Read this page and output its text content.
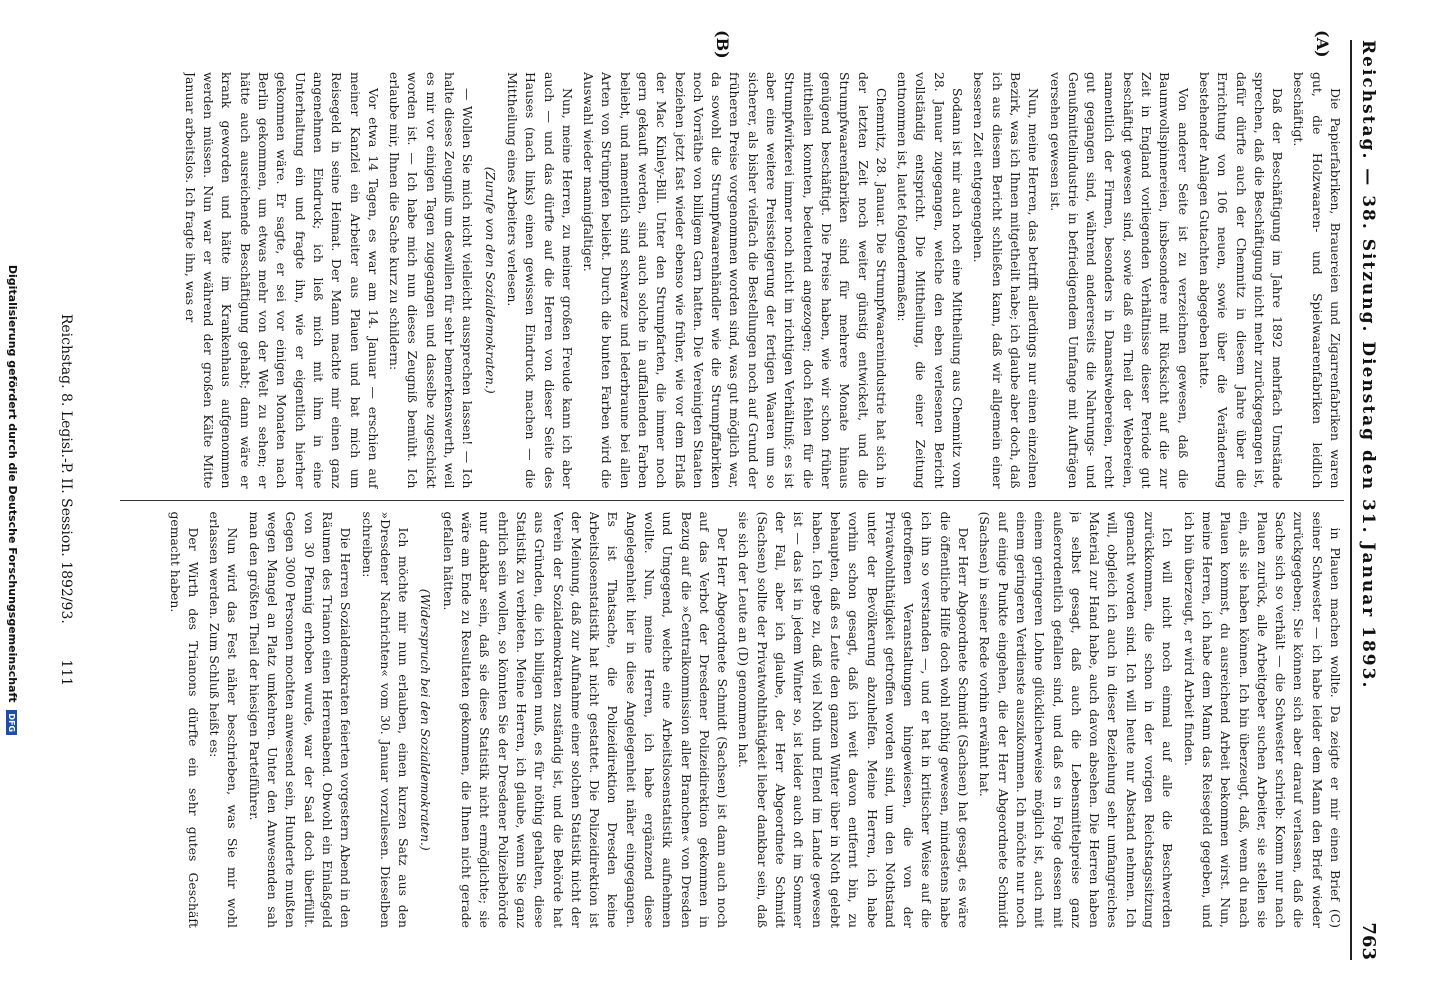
Reichstag. — 38. Sitzung. Dienstag den 31. Januar 1893.
763
(A)
(B)

Die Papierfabriken, Brauereien und Zigarrenfabriken waren gut, die Holzwaaren- und Spielwaarenfabriken leidlich beschäftigt.

Daß der Beschäftigung im Jahre 1892 mehrfach Umstände sprechen, daß die Beschäftigung nicht mehr zurückgegangen ist, dafür dürfte auch der Chemnitz in diesem Jahre über die Errichtung von 106 neuen, sowie über die Veränderung bestehender Anlagen Gutachten abgegeben hatte.

Von anderer Seite ist zu verzeichnen gewesen, daß die Baumwollspinnereien, insbesondere mit Rücksicht auf die zur Zeit in England vorliegenden Verhältnisse dieser Periode gut beschäftigt gewesen sind, sowie daß ein Theil der Webereien, namentlich der Firmen, besonders in Damastwebereien, recht gut gegangen sind, während andererseits die Nahrungs- und Genußmittelindustrie in befriedigendem Umfange mit Aufträgen versehen gewesen ist.

Nun, meine Herren, das betrifft allerdings nur einen einzelnen Bezirk, was ich Ihnen mitgetheilt habe; ich glaube aber doch, daß ich aus diesem Bericht schließen kann, daß wir allgemein einer besseren Zeit entgegengehen.

Sodann ist mir auch noch eine Mittheilung aus Chemnitz vom 28. Januar zugegangen, welche den eben verlesenen Bericht vollständig entspricht. Die Mittheilung, die einer Zeitung entnommen ist, lautet folgendermaßen:

Chemnitz, 28. Januar. Die Strumpfwaarenindustrie hat sich in der letzten Zeit noch weiter günstig entwickelt, und die Strumpfwaarenfabriken sind für mehrere Monate hinaus genügend beschäftigt. Die Preise haben, wie wir schon früher mittheilen konnten, bedeutend angezogen; doch fehlen für die Strumpfwirkerei immer noch nicht im richtigen Verhältniß; es ist aber eine weitere Preissteigerung der fertigen Waaren um so sicherer, als bisher vielfach die Bestellungen noch auf Grund der früheren Preise vorgenommen worden sind, was gut möglich war, da sowohl die Strumpfwaarenhändler wie die Strumpffabriken noch Vorräthe von billigem Garn hatten. Die Vereinigten Staaten beziehen jetzt fast wieder ebenso wie früher, wie vor dem Erlaß der Mac Kinley-Bill. Unter den Strumpfarten, die immer noch gern gekauft werden, sind auch solche in auffallenden Farben beliebt, und namentlich sind schwarze und lederbraune bei allen Arten von Strümpfen beliebt. Durch die bunten Farben wird die Auswahl wieder mannigfaltiger.

Nun, meine Herren, zu meiner großen Freude kann ich aber auch — und das dürfte auf die Herren von dieser Seite des Hauses (nach links) einen gewissen Eindruck machen — die Mittheilung eines Arbeiters verlesen.

(Zurufe von den Sozialdemokraten.)

— Wollen Sie mich nicht vielleicht aussprechen lassen! — Ich halte dieses Zeugniß um deswillen für sehr bemerkenswerth, weil es mir vor einigen Tagen zugegangen und dasselbe zugeschickt worden ist. — Ich habe mich nun dieses Zeugniß bemüht. Ich erlaube mir, Ihnen die Sache kurz zu schildern:

Vor etwa 14 Tagen, es war am 14. Januar — erschien auf meiner Kanzlei ein Arbeiter aus Plauen und bat mich um Reisegeld in seine Heimat. Der Mann machte mir einen ganz angenehmen Eindruck; ich ließ mich mit ihm in eine Unterhaltung ein und fragte ihn, wie er eigentlich hierher gekommen wäre. Er sagte, er sei vor einigen Monaten nach Berlin gekommen, um etwas mehr von der Welt zu sehen; er hätte auch ausreichende Beschäftigung gehabt; dann wäre er krank geworden und hätte im Krankenhaus aufgenommen werden müssen. Nun war er während der großen Kälte Mitte Januar arbeitslos. Ich fragte ihn, was er

in Plauen machen wollte. Da zeigte er mir einen Brief (C) seiner Schwester — ich habe leider dem Mann den Brief wieder zurückgegeben; Sie können sich aber darauf verlassen, daß die Sache sich so verhält — die Schwester schrieb: Komm nur nach Plauen zurück, alle Arbeitgeber suchen Arbeiter, sie stellen sie ein, als sie haben können. Ich bin überzeugt, daß, wenn du nach Plauen kommst, du ausreichend Arbeit bekommen wirst. Nun, meine Herren, ich habe dem Mann das Reisegeld gegeben, und ich bin überzeugt, er wird Arbeit finden.

Ich will nicht noch einmal auf alle die Beschwerden zurückkommen, die schon in der vorigen Reichstagssitzung gemacht worden sind. Ich will heute nur Abstand nehmen. Ich will, obgleich ich auch in dieser Beziehung sehr umfangreiches Material zur Hand habe, auch davon absehen. Die Herren haben ja selbst gesagt, daß auch die Lebensmittelpreise ganz außerordentlich gefallen sind, und daß es in Folge dessen mit einem geringeren Lohne glücklicherweise möglich ist, auch mit einem geringeren Verdienste auszukommen. Ich möchte nur noch auf einige Punkte eingehen, die der Herr Abgeordnete Schmidt (Sachsen) in seiner Rede vorhin erwähnt hat.

Der Herr Abgeordnete Schmidt (Sachsen) hat gesagt, es wäre die öffentliche Hilfe doch wohl nöthig gewesen, mindestens habe ich ihn so verstanden —, und er hat in kritischer Weise auf die getroffenen Veranstaltungen hingewiesen, die von der Privatwohlthätigkeit getroffen worden sind, um den Nothstand unter der Bevölkerung abzuhelfen. Meine Herren, ich habe vorhin schon gesagt, daß ich weit davon entfernt bin, zu behaupten, daß es Leute den ganzen Winter über in Noth gelebt haben. Ich gebe zu, daß viel Noth und Elend im Lande gewesen ist — das ist in jedem Winter so, ist leider auch oft im Sommer der Fall, aber ich glaube, der Herr Abgeordnete Schmidt (Sachsen) sollte der Privatwohlthätigkeit lieber dankbar sein, daß sie sich der Leute an (D) genommen hat.

Der Herr Abgeordnete Schmidt (Sachsen) ist dann auch noch auf das Verbot der Dresdener Polizeidirektion gekommen in Bezug auf die »Centralkommission aller Branchen« von Dresden und Umgegend, welche eine Arbeitslosenstatistik aufnehmen wollte. Nun, meine Herren, ich habe ergänzend diese Angelegenheit hier in diese Angelegenheit näher eingegangen. Es ist Thatsache, die Polizeidirektion Dresden keine Arbeitslosenstatistik hat nicht gestattet. Die Polizeidirektion ist der Meinung, daß zur Aufnahme einer solchen Statistik nicht der Verein der Sozialdemokraten zuständig ist, und die Behörde hat aus Gründen, die ich billigen muß, es für nöthig gehalten, diese Statistik zu verbieten. Meine Herren, ich glaube, wenn Sie ganz ehrlich sein wollen, so könnten Sie der Dresdener Polizeibehörde nur dankbar sein, daß sie diese Statistik nicht ermöglichte; sie wäre am Ende zu Resultaten gekommen, die Ihnen nicht gerade gefallen hätten.

(Widerspruch bei den Sozialdemokraten.)

Ich möchte mir nun erlauben, einen kurzen Satz aus den »Dresdener Nachrichten« vom 30. Januar vorzulesen. Dieselben schreiben:

Die Herren Sozialdemokraten feierten vorgestern Abend in den Räumen des Trianon einen Herrenabend. Obwohl ein Einlaßgeld von 30 Pfennig erhoben wurde, war der Saal doch überfüllt. Gegen 3000 Personen mochten anwesend sein, Hunderte mußten wegen Mangel an Platz umkehren. Unter den Anwesenden sah man den größten Theil der hiesigen Parteiführer.

Nun wird das Fest näher beschrieben, was Sie mir wohl erlassen werden. Zum Schluß heißt es:

Der Wirth des Trianons dürfte ein sehr gutes Geschäft gemacht haben.

Reichstag. 8. Legisl.-P. II. Session. 1892/93.        111
Digitalisierung gefördert durch die Deutsche Forschungsgemeinschaft DFG
